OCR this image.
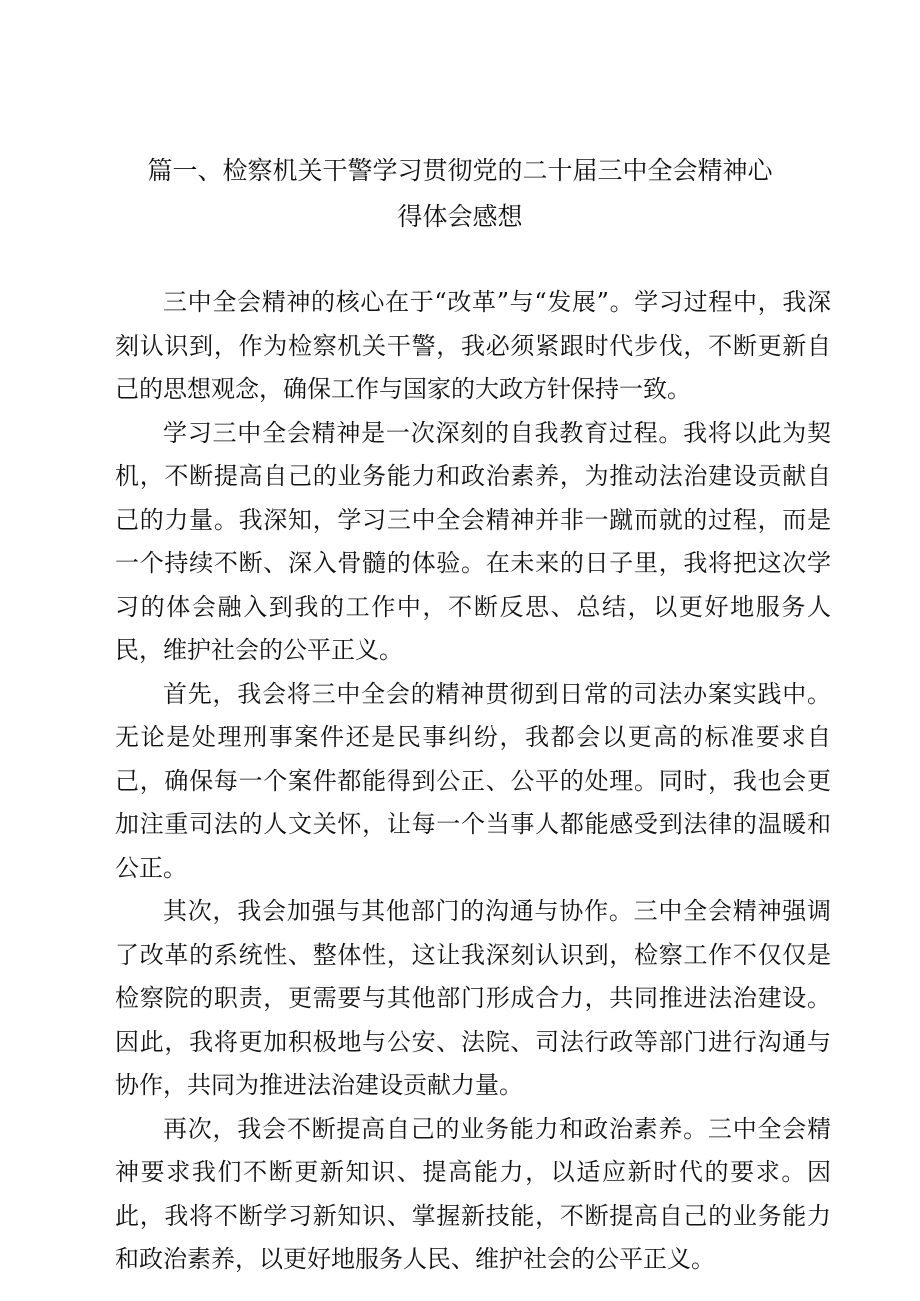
篇一、检察机关干警学习贯彻党的二十届三中全会精神心
得体会感想

三中全会精神的核心在于“改革”与“发展”。学习过程中，我深刻认识到，作为检察机关干警，我必须紧跟时代步伐，不断更新自己的思想观念，确保工作与国家的大政方针保持一致。

学习三中全会精神是一次深刻的自我教育过程。我将以此为契机，不断提高自己的业务能力和政治素养，为推动法治建设贡献自己的力量。我深知，学习三中全会精神并非一蹴而就的过程，而是一个持续不断、深入骨髓的体验。在未来的日子里，我将把这次学习的体会融入到我的工作中，不断反思、总结，以更好地服务人民，维护社会的公平正义。

首先，我会将三中全会的精神贯彻到日常的司法办案实践中。无论是处理刑事案件还是民事纠纷，我都会以更高的标准要求自己，确保每一个案件都能得到公正、公平的处理。同时，我也会更加注重司法的人文关怀，让每一个当事人都能感受到法律的温暖和公正。

其次，我会加强与其他部门的沟通与协作。三中全会精神强调了改革的系统性、整体性，这让我深刻认识到，检察工作不仅仅是检察院的职责，更需要与其他部门形成合力，共同推进法治建设。因此，我将更加积极地与公安、法院、司法行政等部门进行沟通与协作，共同为推进法治建设贡献力量。

再次，我会不断提高自己的业务能力和政治素养。三中全会精神要求我们不断更新知识、提高能力，以适应新时代的要求。因此，我将不断学习新知识、掌握新技能，不断提高自己的业务能力和政治素养，以更好地服务人民、维护社会的公平正义。
